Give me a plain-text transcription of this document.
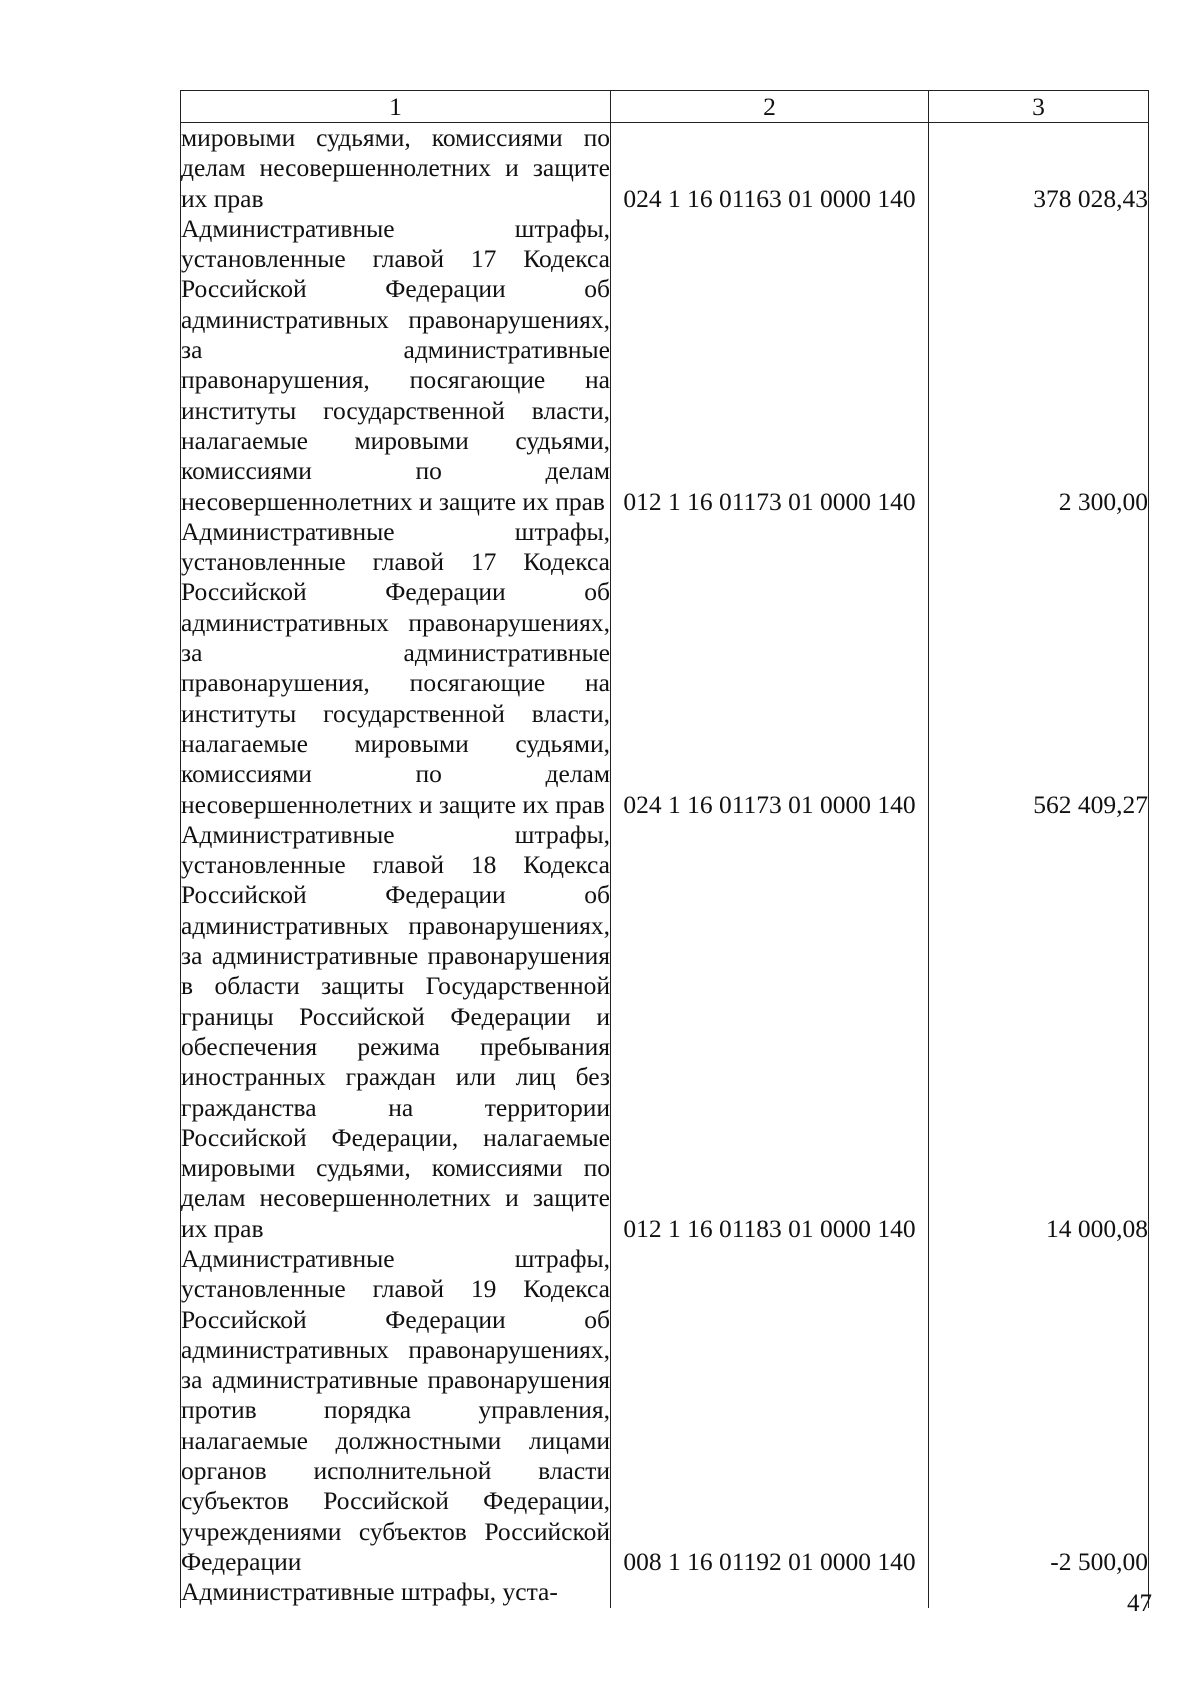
1	2	3
мировыми судьями, комиссиями по делам несовершеннолетних и защите их прав	024 1 16 01163 01 0000 140	378 028,43
Административные штрафы, установленные главой 17 Кодекса Российской Федерации об административных правонарушениях, за административные правонарушения, посягающие на институты государственной власти, налагаемые мировыми судьями, комиссиями по делам несовершеннолетних и защите их прав	012 1 16 01173 01 0000 140	2 300,00
Административные штрафы, установленные главой 17 Кодекса Российской Федерации об административных правонарушениях, за административные правонарушения, посягающие на институты государственной власти, налагаемые мировыми судьями, комиссиями по делам несовершеннолетних и защите их прав	024 1 16 01173 01 0000 140	562 409,27
Административные штрафы, установленные главой 18 Кодекса Российской Федерации об административных правонарушениях, за административные правонарушения в области защиты Государственной границы Российской Федерации и обеспечения режима пребывания иностранных граждан или лиц без гражданства на территории Российской Федерации, налагаемые мировыми судьями, комиссиями по делам несовершеннолетних и защите их прав	012 1 16 01183 01 0000 140	14 000,08
Административные штрафы, установленные главой 19 Кодекса Российской Федерации об административных правонарушениях, за административные правонарушения против порядка управления, налагаемые должностными лицами органов исполнительной власти субъектов Российской Федерации, учреждениями субъектов Российской Федерации	008 1 16 01192 01 0000 140	-2 500,00
Административные штрафы, уста-			47
